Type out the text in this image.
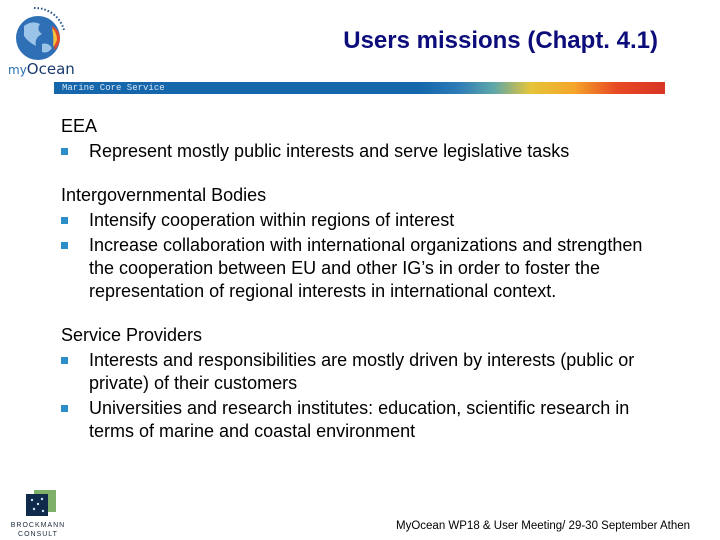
myOcean
Users missions (Chapt. 4.1)
Marine Core Service
EEA
Represent mostly public interests and serve legislative tasks
Intergovernmental Bodies
Intensify cooperation within regions of interest
Increase collaboration with international organizations and strengthen the cooperation between EU and other IG’s in order to foster the representation of regional interests in international context.
Service Providers
Interests and responsibilities are mostly driven by interests (public or private) of their customers
Universities and research institutes: education, scientific research in terms of marine and coastal environment
BROCKMANN
CONSULT
MyOcean WP18 & User Meeting/ 29-30 September Athen
